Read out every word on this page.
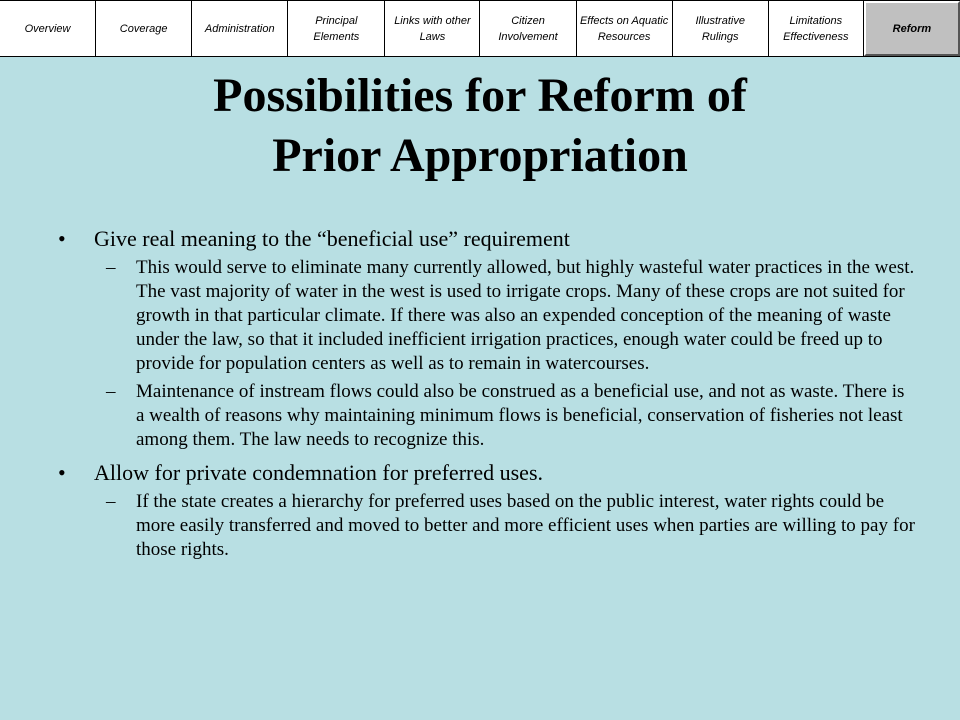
Overview	Coverage	Administration
Principal Elements
Links with other Laws
Citizen Involvement
Effects on Aquatic Resources
Illustrative Rulings
Limitations Effectiveness
Reform
Possibilities for Reform of
Prior Appropriation
•	Give real meaning to the “beneficial use” requirement
–	This would serve to eliminate many currently allowed, but highly wasteful water practices in the west. The vast majority of water in the west is used to irrigate crops. Many of these crops are not suited for growth in that particular climate. If there was also an expended conception of the meaning of waste under the law, so that it included inefficient irrigation practices, enough water could be freed up to provide for population centers as well as to remain in watercourses.
–	Maintenance of instream flows could also be construed as a beneficial use, and not as waste. There is a wealth of reasons why maintaining minimum flows is beneficial, conservation of fisheries not least among them. The law needs to recognize this.
•	Allow for private condemnation for preferred uses.
–	If the state creates a hierarchy for preferred uses based on the public interest, water rights could be more easily transferred and moved to better and more efficient uses when parties are willing to pay for those rights.
